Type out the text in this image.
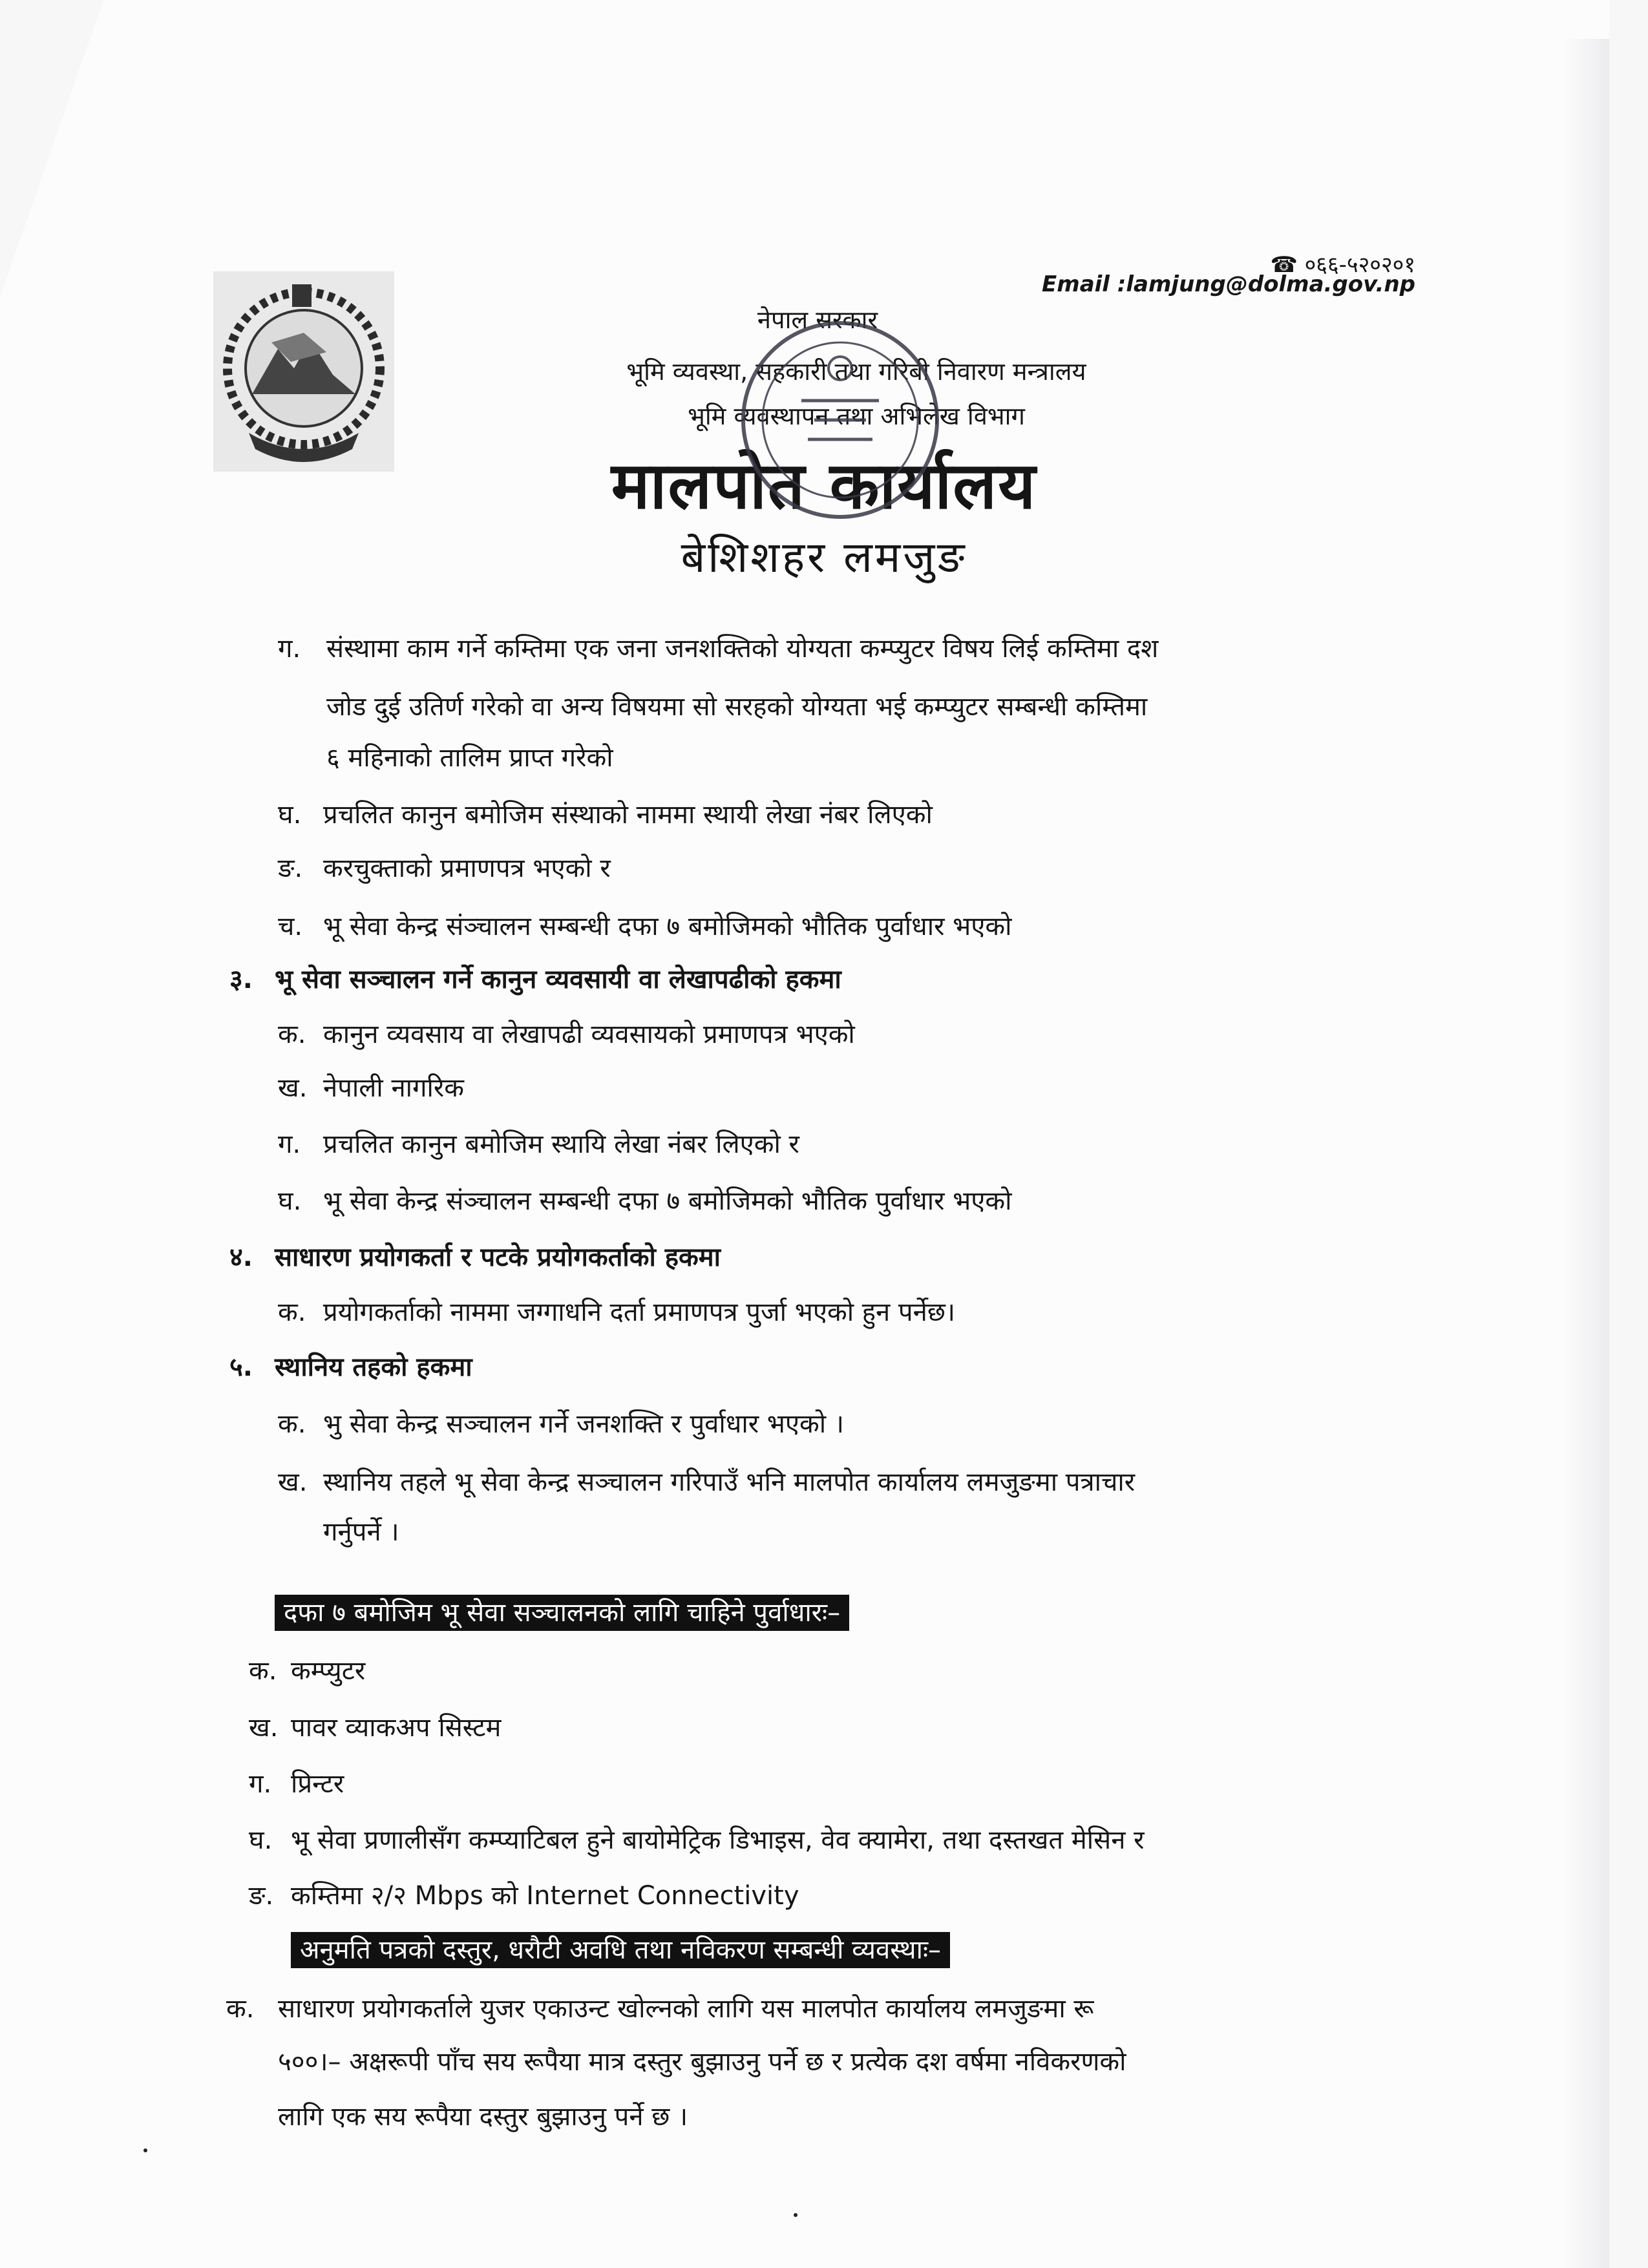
☎ ०६६-५२०२०१
Email :lamjung@dolma.gov.np
नेपाल सरकार
भूमि व्यवस्था, सहकारी तथा गरिबी निवारण मन्त्रालय
भूमि व्यवस्थापन तथा अभिलेख विभाग
मालपोत कार्यालय
बेशिशहर लमजुङ
ग. संस्थामा काम गर्ने कम्तिमा एक जना जनशक्तिको योग्यता कम्प्युटर विषय लिई कम्तिमा दश
जोड दुई उतिर्ण गरेको वा अन्य विषयमा सो सरहको योग्यता भई कम्प्युटर सम्बन्धी कम्तिमा
६ महिनाको तालिम प्राप्त गरेको
घ. प्रचलित कानुन बमोजिम संस्थाको नाममा स्थायी लेखा नंबर लिएको
ङ. करचुक्ताको प्रमाणपत्र भएको र
च. भू सेवा केन्द्र संञ्चालन सम्बन्धी दफा ७ बमोजिमको भौतिक पुर्वाधार भएको
३. भू सेवा सञ्चालन गर्ने कानुन व्यवसायी वा लेखापढीको हकमा
क. कानुन व्यवसाय वा लेखापढी व्यवसायको प्रमाणपत्र भएको
ख. नेपाली नागरिक
ग. प्रचलित कानुन बमोजिम स्थायि लेखा नंबर लिएको र
घ. भू सेवा केन्द्र संञ्चालन सम्बन्धी दफा ७ बमोजिमको भौतिक पुर्वाधार भएको
४. साधारण प्रयोगकर्ता र पटके प्रयोगकर्ताको हकमा
क. प्रयोगकर्ताको नाममा जग्गाधनि दर्ता प्रमाणपत्र पुर्जा भएको हुन पर्नेछ।
५. स्थानिय तहको हकमा
क. भु सेवा केन्द्र सञ्चालन गर्ने जनशक्ति र पुर्वाधार भएको ।
ख. स्थानिय तहले भू सेवा केन्द्र सञ्चालन गरिपाउँ भनि मालपोत कार्यालय लमजुङमा पत्राचार
गर्नुपर्ने ।
दफा ७ बमोजिम भू सेवा सञ्चालनको लागि चाहिने पुर्वाधारः–
क. कम्प्युटर
ख. पावर व्याकअप सिस्टम
ग. प्रिन्टर
घ. भू सेवा प्रणालीसँग कम्प्याटिबल हुने बायोमेट्रिक डिभाइस, वेव क्यामेरा, तथा दस्तखत मेसिन र
ङ. कम्तिमा २/२ Mbps को Internet Connectivity
अनुमति पत्रको दस्तुर, धरौटी अवधि तथा नविकरण सम्बन्धी व्यवस्थाः–
क. साधारण प्रयोगकर्ताले युजर एकाउन्ट खोल्नको लागि यस मालपोत कार्यालय लमजुङमा रू
५००।– अक्षरूपी पाँच सय रूपैया मात्र दस्तुर बुझाउनु पर्ने छ र प्रत्येक दश वर्षमा नविकरणको
लागि एक सय रूपैया दस्तुर बुझाउनु पर्ने छ ।
